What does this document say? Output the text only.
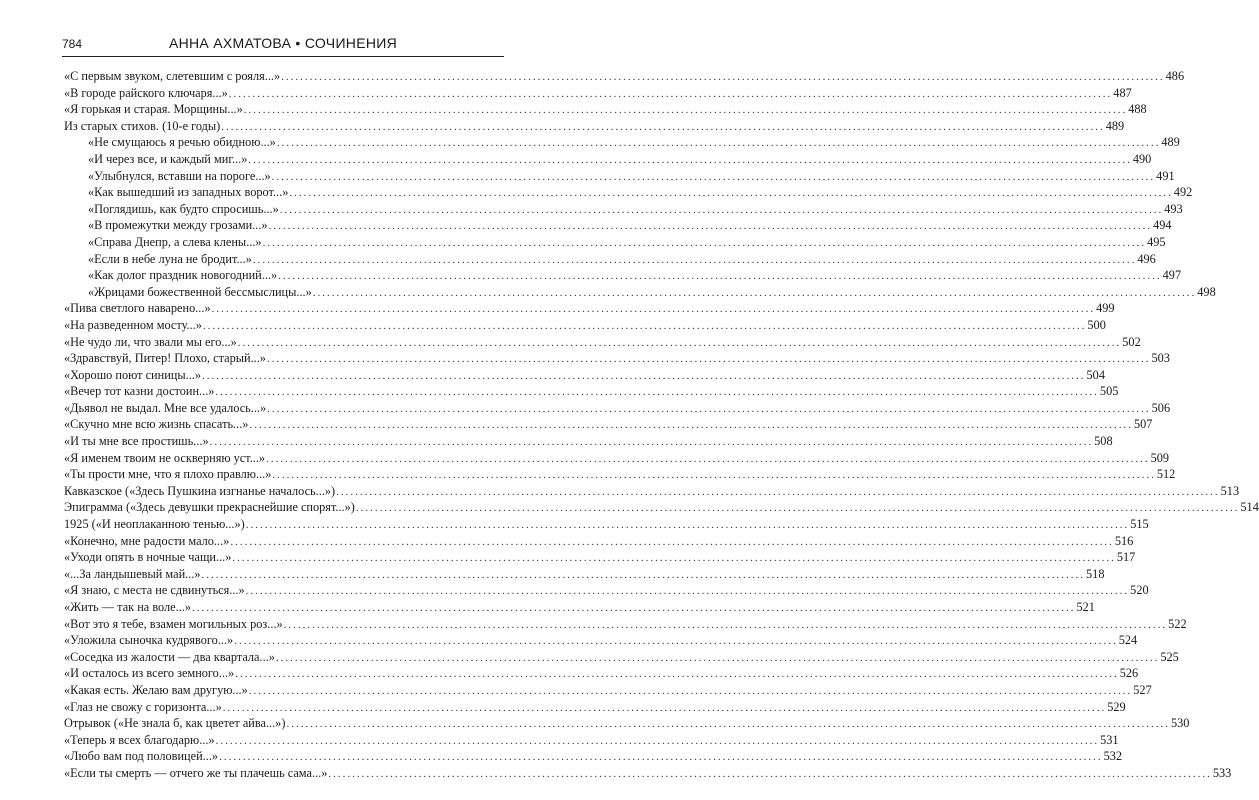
784	АННА АХМАТОВА • СОЧИНЕНИЯ
«С первым звуком, слетевшим с рояля...» .....	486
«В городе райского ключаря...» .....	487
«Я горькая и старая. Морщины...» .....	488
Из старых стихов. (10-е годы) .....	489
«Не смущаюсь я речью обидною...» .....	489
«И через все, и каждый миг...» .....	490
«Улыбнулся, вставши на пороге...» .....	491
«Как вышедший из западных ворот...» .....	492
«Поглядишь, как будто спросишь...» .....	493
«В промежутки между грозами...» .....	494
«Справа Днепр, а слева клены...» .....	495
«Если в небе луна не бродит...» .....	496
«Как долог праздник новогодний...» .....	497
«Жрицами божественной бессмыслицы...» .....	498
«Пива светлого наварено...» .....	499
«На разведенном мосту...» .....	500
«Не чудо ли, что звали мы его...» .....	502
«Здравствуй, Питер! Плохо, старый...» .....	503
«Хорошо поют синицы...» .....	504
«Вечер тот казни достоин...» .....	505
«Дьявол не выдал. Мне все удалось...» .....	506
«Скучно мне всю жизнь спасать...» .....	507
«И ты мне все простишь...» .....	508
«Я именем твоим не оскверняю уст...» .....	509
«Ты прости мне, что я плохо правлю...» .....	512
Кавказское («Здесь Пушкина изгнанье началось...») .....	513
Эпиграмма («Здесь девушки прекраснейшие спорят...») .....	514
1925 («И неоплаканною тенью...») .....	515
«Конечно, мне радости мало...» .....	516
«Уходи опять в ночные чащи...» .....	517
«...За ландышевый май...» .....	518
«Я знаю, с места не сдвинуться...» .....	520
«Жить — так на воле...» .....	521
«Вот это я тебе, взамен могильных роз...» .....	522
«Уложила сыночка кудрявого...» .....	524
«Соседка из жалости — два квартала...» .....	525
«И осталось из всего земного...» .....	526
«Какая есть. Желаю вам другую...» .....	527
«Глаз не свожу с горизонта...» .....	529
Отрывок («Не знала б, как цветет айва...») .....	530
«Теперь я всех благодарю...» .....	531
«Любо вам под половицей...» .....	532
«Если ты смерть — отчего же ты плачешь сама...» .....	533
